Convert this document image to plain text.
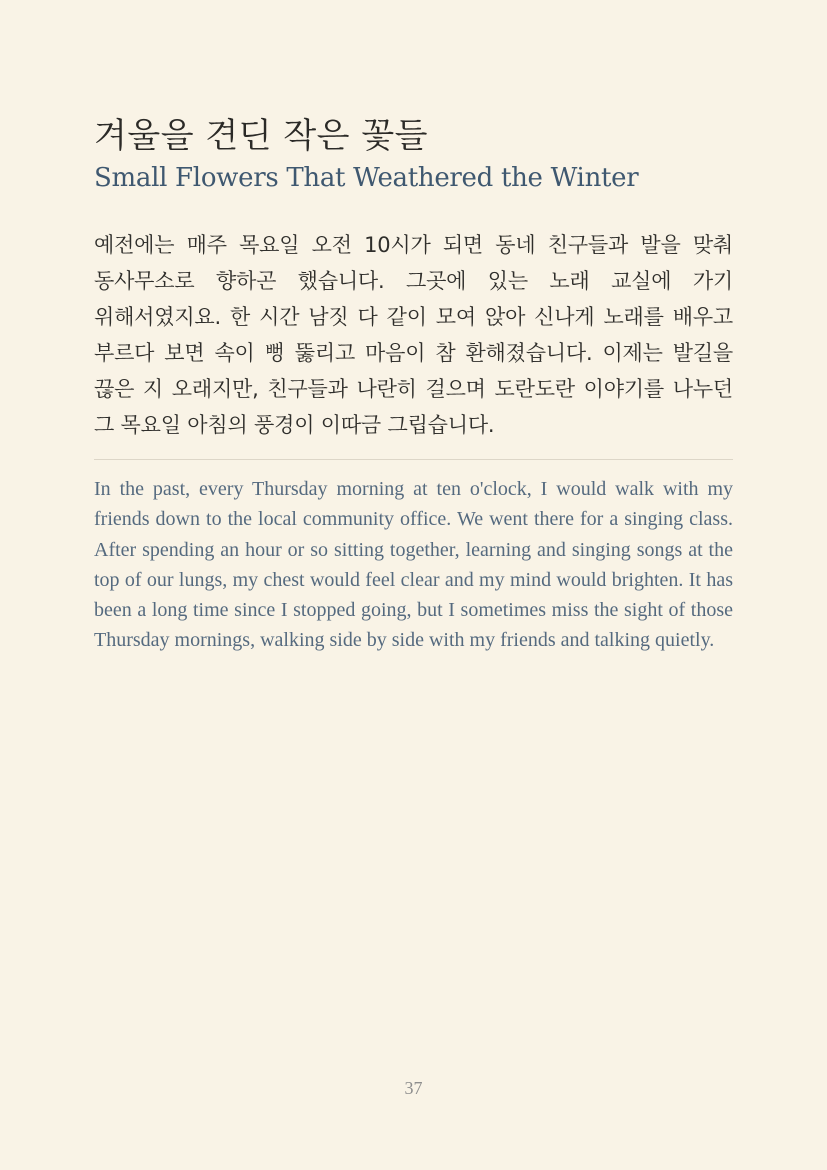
겨울을 견딘 작은 꽃들
Small Flowers That Weathered the Winter

예전에는 매주 목요일 오전 10시가 되면 동네 친구들과 발을 맞춰 동사무소로 향하곤 했습니다. 그곳에 있는 노래 교실에 가기 위해서였지요. 한 시간 남짓 다 같이 모여 앉아 신나게 노래를 배우고 부르다 보면 속이 뻥 뚫리고 마음이 참 환해졌습니다. 이제는 발길을 끊은 지 오래지만, 친구들과 나란히 걸으며 도란도란 이야기를 나누던 그 목요일 아침의 풍경이 이따금 그립습니다.

In the past, every Thursday morning at ten o'clock, I would walk with my friends down to the local community office. We went there for a singing class. After spending an hour or so sitting together, learning and singing songs at the top of our lungs, my chest would feel clear and my mind would brighten. It has been a long time since I stopped going, but I sometimes miss the sight of those Thursday mornings, walking side by side with my friends and talking quietly.

37
